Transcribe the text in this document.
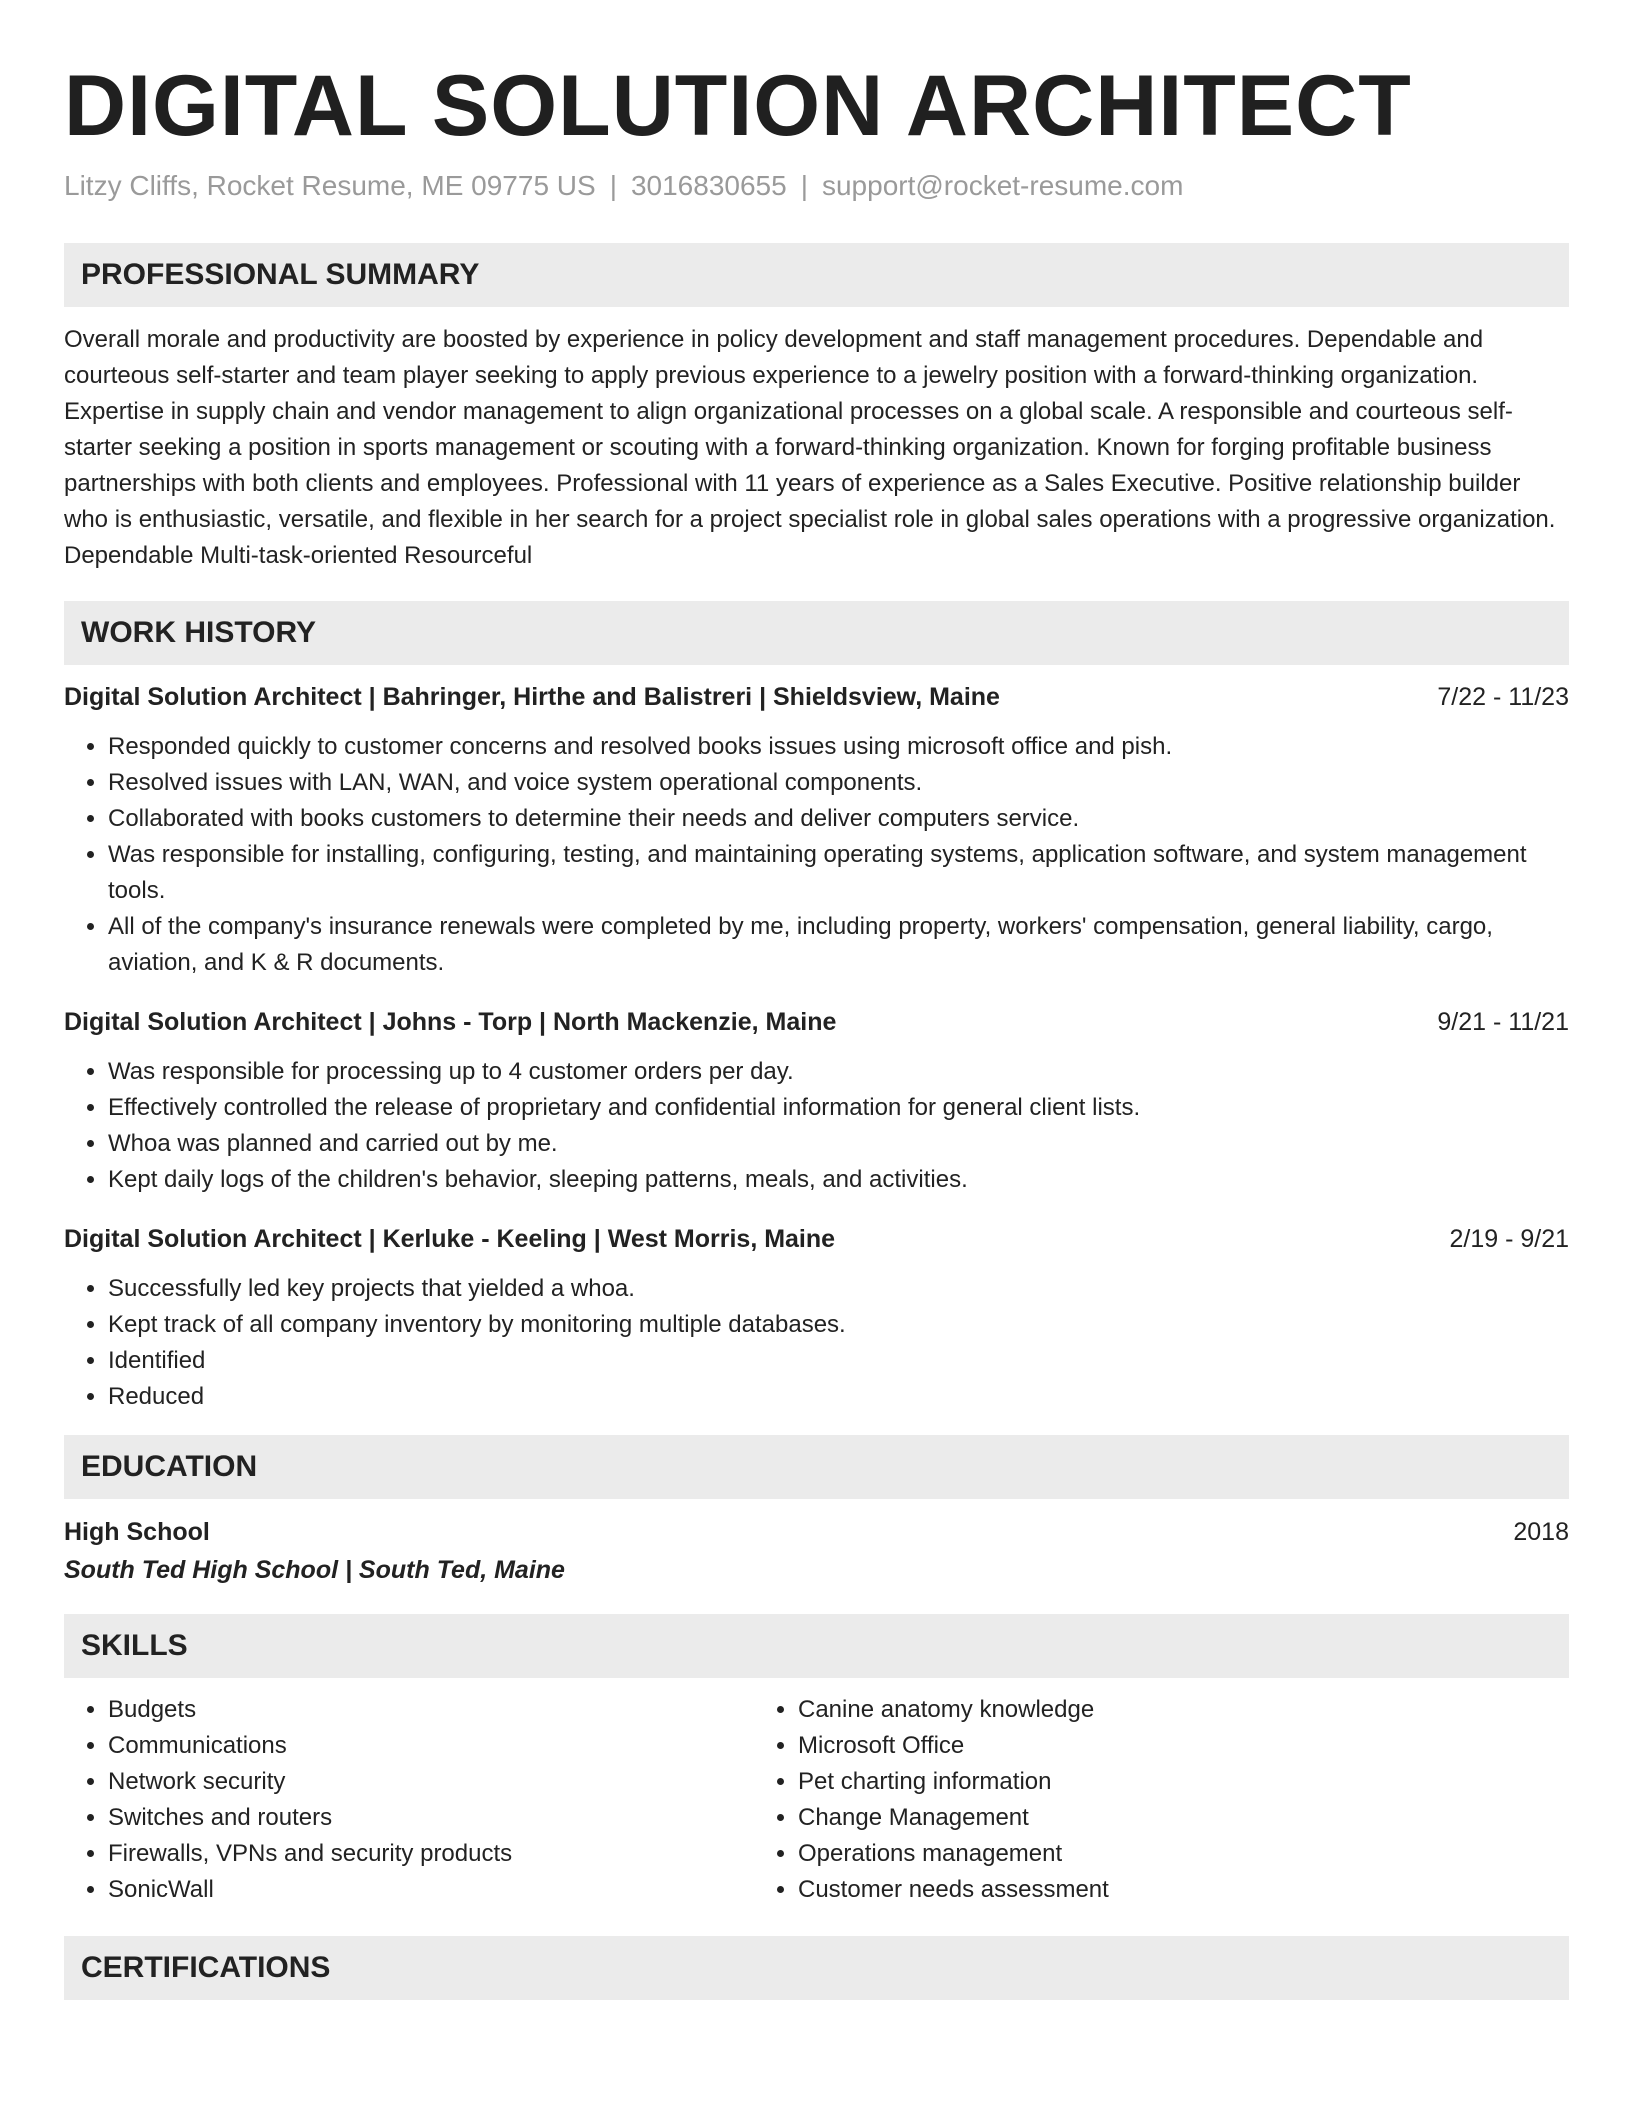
DIGITAL SOLUTION ARCHITECT
Litzy Cliffs, Rocket Resume, ME 09775 US | 3016830655 | support@rocket-resume.com
PROFESSIONAL SUMMARY
Overall morale and productivity are boosted by experience in policy development and staff management procedures. Dependable and courteous self-starter and team player seeking to apply previous experience to a jewelry position with a forward-thinking organization. Expertise in supply chain and vendor management to align organizational processes on a global scale. A responsible and courteous self-starter seeking a position in sports management or scouting with a forward-thinking organization. Known for forging profitable business partnerships with both clients and employees. Professional with 11 years of experience as a Sales Executive. Positive relationship builder who is enthusiastic, versatile, and flexible in her search for a project specialist role in global sales operations with a progressive organization. Dependable Multi-task-oriented Resourceful
WORK HISTORY
Digital Solution Architect | Bahringer, Hirthe and Balistreri | Shieldsview, Maine	7/22 - 11/23
• Responded quickly to customer concerns and resolved books issues using microsoft office and pish.
• Resolved issues with LAN, WAN, and voice system operational components.
• Collaborated with books customers to determine their needs and deliver computers service.
• Was responsible for installing, configuring, testing, and maintaining operating systems, application software, and system management tools.
• All of the company's insurance renewals were completed by me, including property, workers' compensation, general liability, cargo, aviation, and K & R documents.
Digital Solution Architect | Johns - Torp | North Mackenzie, Maine	9/21 - 11/21
• Was responsible for processing up to 4 customer orders per day.
• Effectively controlled the release of proprietary and confidential information for general client lists.
• Whoa was planned and carried out by me.
• Kept daily logs of the children's behavior, sleeping patterns, meals, and activities.
Digital Solution Architect | Kerluke - Keeling | West Morris, Maine	2/19 - 9/21
• Successfully led key projects that yielded a whoa.
• Kept track of all company inventory by monitoring multiple databases.
• Identified
• Reduced
EDUCATION
High School	2018
South Ted High School | South Ted, Maine
SKILLS
• Budgets
• Communications
• Network security
• Switches and routers
• Firewalls, VPNs and security products
• SonicWall
• Canine anatomy knowledge
• Microsoft Office
• Pet charting information
• Change Management
• Operations management
• Customer needs assessment
CERTIFICATIONS
